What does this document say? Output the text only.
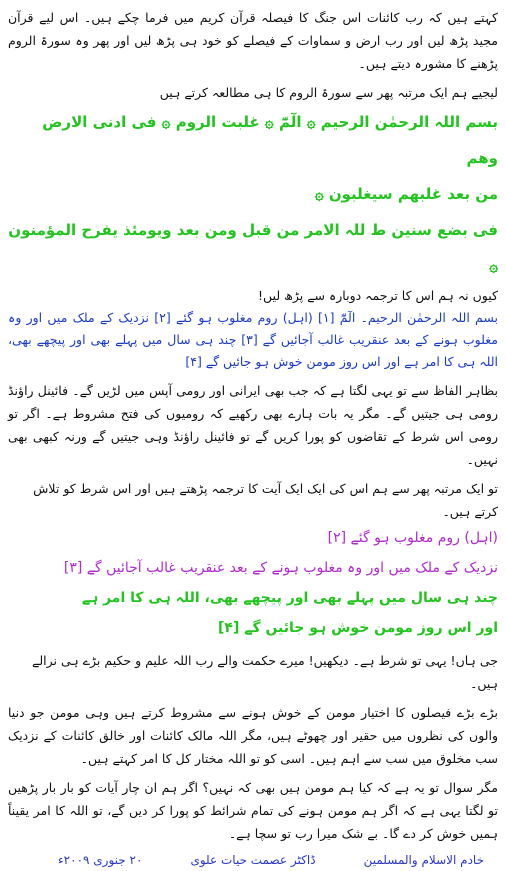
کہتے ہیں کہ رب کائنات اس جنگ کا فیصلہ قرآن کریم میں فرما چکے ہیں۔ اس لیے قرآن مجید پڑھ لیں اور رب ارض و سماوات کے فیصلے کو خود ہی پڑھ لیں اور پھر وہ سورۃ الروم پڑھنے کا مشورہ دیتے ہیں۔

لیجیے ہم ایک مرتبہ پھر سے سورۃ الروم کا ہی مطالعہ کرتے ہیں

بسم اللہ الرحمٰن الرحیم ۞ الٓمّٓ ۞ غلبت الروم ۞ فی ادنی الارض وھم

من بعد غلبھم سیغلبون ۞

فی بضع سنین ط للہ الامر من قبل ومن بعد ویومئذ یفرح المؤمنون ۞

کیوں نہ ہم اس کا ترجمہ دوبارہ سے پڑھ لیں!

بسم اللہ الرحمٰن الرحیم۔ الٓمّٓ [۱] (اہل) روم مغلوب ہو گئے [۲] نزدیک کے ملک میں اور وہ مغلوب ہونے کے بعد عنقریب غالب آجائیں گے [۳] چند ہی سال میں پہلے بھی اور پیچھے بھی، اللہ ہی کا امر ہے اور اس روز مومن خوش ہو جائیں گے [۴]

بظاہر الفاظ سے تو یہی لگتا ہے کہ جب بھی ایرانی اور رومی آپس میں لڑیں گے۔ فائینل راؤنڈ رومی ہی جیتیں گے۔ مگر یہ بات ہارے بھی رکھیے کہ رومیوں کی فتح مشروط ہے۔ اگر تو رومی اس شرط کے تقاضوں کو پورا کریں گے تو فائینل راؤنڈ وہی جیتیں گے ورنہ کبھی بھی نہیں۔

تو ایک مرتبہ پھر سے ہم اس کی ایک ایک آیت کا ترجمہ پڑھتے ہیں اور اس شرط کو تلاش کرتے ہیں۔

(اہل) روم مغلوب ہو گئے [۲]

نزدیک کے ملک میں اور وہ مغلوب ہونے کے بعد عنقریب غالب آجائیں گے [۳]

چند ہی سال میں پہلے بھی اور پیچھے بھی، اللہ ہی کا امر ہے

اور اس روز مومن خوش ہو جائیں گے [۴]

جی ہاں! یہی تو شرط ہے۔ دیکھیں! میرے حکمت والے رب اللہ علیم و حکیم بڑے ہی نرالے ہیں۔

بڑے بڑے فیصلوں کا اختیار مومن کے خوش ہونے سے مشروط کرتے ہیں وہی مومن جو دنیا والوں کی نظروں میں حقیر اور چھوٹے ہیں، مگر اللہ مالک کائنات اور خالق کائنات کے نزدیک سب مخلوق میں سب سے اہم ہیں۔ اسی کو تو اللہ مختار کل کا امر کہتے ہیں۔

مگر سوال تو یہ ہے کہ کیا ہم مومن ہیں بھی کہ نہیں؟ اگر ہم ان چار آیات کو بار بار پڑھیں تو لگتا یہی ہے کہ اگر ہم مومن ہونے کی تمام شرائط کو پورا کر دیں گے، تو اللہ کا امر یقیناً ہمیں خوش کر دے گا۔ بے شک میرا رب تو سچا ہے۔

خادم الاسلام والمسلمین
ڈاکٹر عصمت حیات علوی
۲۰ جنوری ۲۰۰۹ء
